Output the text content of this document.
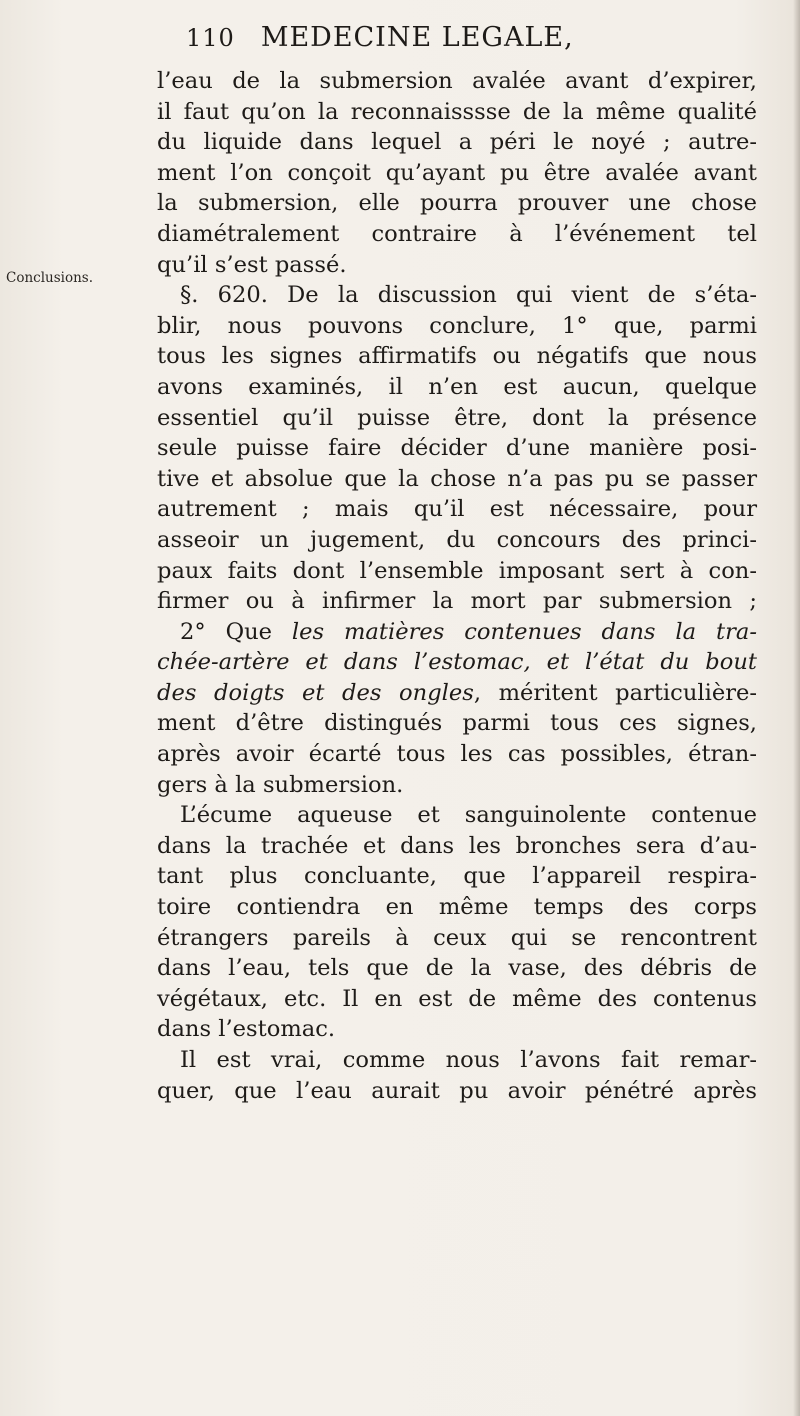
110 MEDECINE LEGALE,
Conclusions.
l’eau de la submersion avalée avant d’expirer,
il faut qu’on la reconnaisssse de la même qualité
du liquide dans lequel a péri le noyé ; autre-
ment l’on conçoit qu’ayant pu être avalée avant
la submersion, elle pourra prouver une chose
diamétralement contraire à l’événement tel
qu’il s’est passé.
§. 620. De la discussion qui vient de s’éta-
blir, nous pouvons conclure, 1° que, parmi
tous les signes affirmatifs ou négatifs que nous
avons examinés, il n’en est aucun, quelque
essentiel qu’il puisse être, dont la présence
seule puisse faire décider d’une manière posi-
tive et absolue que la chose n’a pas pu se passer
autrement ; mais qu’il est nécessaire, pour
asseoir un jugement, du concours des princi-
paux faits dont l’ensemble imposant sert à con-
firmer ou à infirmer la mort par submersion ;
2° Que les matières contenues dans la tra-
chée-artère et dans l’estomac, et l’état du bout
des doigts et des ongles, méritent particulière-
ment d’être distingués parmi tous ces signes,
après avoir écarté tous les cas possibles, étran-
gers à la submersion.
L’écume aqueuse et sanguinolente contenue
dans la trachée et dans les bronches sera d’au-
tant plus concluante, que l’appareil respira-
toire contiendra en même temps des corps
étrangers pareils à ceux qui se rencontrent
dans l’eau, tels que de la vase, des débris de
végétaux, etc. Il en est de même des contenus
dans l’estomac.
Il est vrai, comme nous l’avons fait remar-
quer, que l’eau aurait pu avoir pénétré après
